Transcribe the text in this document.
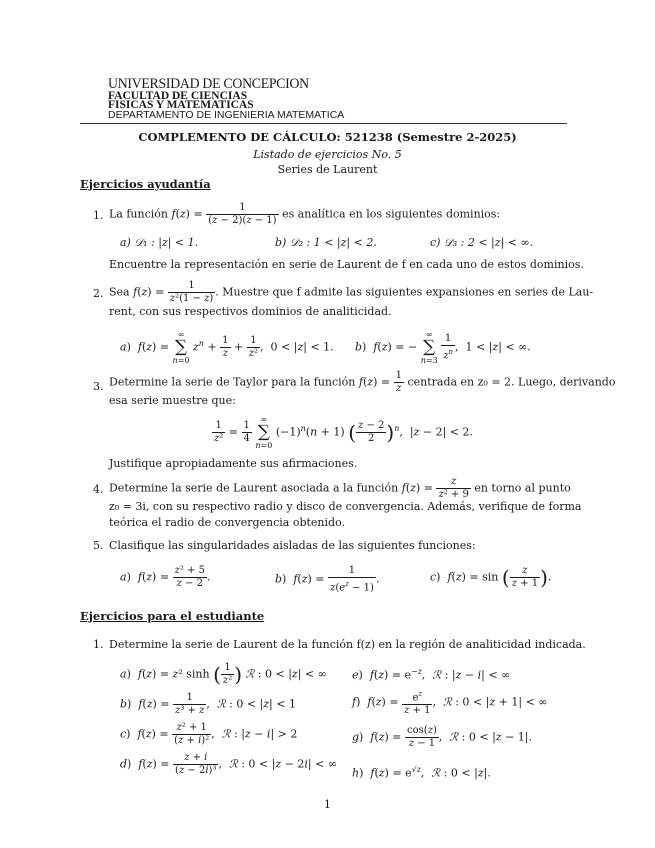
UNIVERSIDAD DE CONCEPCION
FACULTAD DE CIENCIAS
FISICAS Y MATEMATICAS
DEPARTAMENTO DE INGENIERIA MATEMATICA
COMPLEMENTO DE CÁLCULO: 521238 (Semestre 2-2025)
Listado de ejercicios No. 5
Series de Laurent
Ejercicios ayudantía
1. La función $f(z) = \frac{1}{(z - 2)(z - 1)}$ es analítica en los siguientes dominios:
a) 𝒟₁ : |z| < 1.	b) 𝒟₂ : 1 < |z| < 2.	c) 𝒟₃ : 2 < |z| < ∞.
Encuentre la representación en serie de Laurent de f en cada uno de estos dominios.
2. Sea $f(z) = \frac{1}{\text{z²(1 − z)}}$ . Muestre que f admite las siguientes expansiones en series de Lau-
rent, con sus respectivos dominios de analiticidad.
a)  f(z) = ∞
∑
n=0 $z^n + \frac{1}{z} + \frac{1}{\text{z²}}$ ,  0 < |z| < 1. b)  f(z) = − ∞
∑
$n=3 \frac{1}{z^n}$ ,  1 < |z| < ∞.
3. Determine la serie de Taylor para la función $f(z) = \frac{1}{z}$ centrada en z₀ = 2. Luego, derivando
esa serie muestre que:
$\frac{1}{\text{z²}} = \frac{1}{4}$
∞
∑
n=0 $(-1)^n(n + 1)$ ( $\frac{z - 2}{2} )^n$,  |z − 2| < 2.
Justifique apropiadamente sus afirmaciones.
4. Determine la serie de Laurent asociada a la función $f(z) = \frac{z}{\text{z² + 9}}$ en torno al punto
z₀ = 3i, con su respectivo radio y disco de convergencia. Además, verifique de forma
teórica el radio de convergencia obtenido.
5. Clasifique las singularidades aisladas de las siguientes funciones:
a)  $f(z) = \frac{\text{z² + 5}}{z - 2}$ .	b)  $f(z) = \frac{1}{z(e^z - 1)}$ .	c)  f(z) = sin ( $\frac{z}{z + 1}$ ).
Ejercicios para el estudiante
1. Determine la serie de Laurent de la función f(z) en la región de analiticidad indicada.
a)  f(z) = z² sinh ( $\frac{1}{\text{z²}}$ ) ℛ : 0 < |z| < ∞ e)  $f(z) = e^{-z}$,  ℛ : |z − i| < ∞
b)  $f(z) = \frac{1}{\text{z³ + z}}$ ,  ℛ : 0 < |z| < 1	f)  $f(z) = \frac{e^z}{z + 1}$ ,  ℛ : 0 < |z + 1| < ∞
c)  $f(z) = \frac{\text{z² + 1}}{\text{(z + i)²}}$ ,  ℛ : |z − i| > 2	g)  $f(z) = \frac{\cos(z)}{z - 1}$ ,  ℛ : 0 < |z − 1|.
d)  $f(z) = \frac{z + i}{\text{(z − 2i)³}}$ ,  ℛ : 0 < |z − 2i| < ∞
h)  $f(z) = e^{√z}$,  ℛ : 0 < |z|.
1
